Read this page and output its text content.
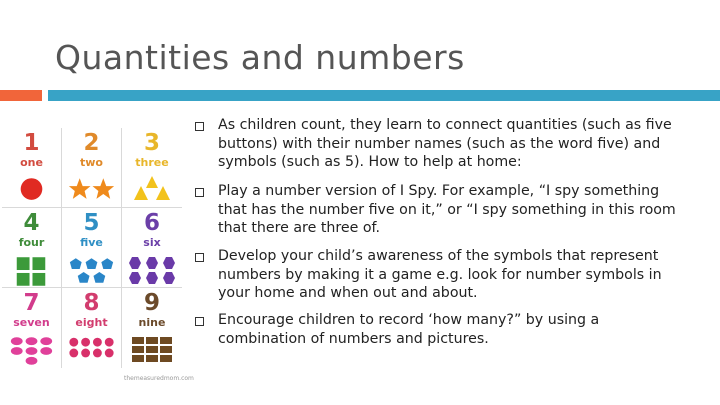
Quantities and numbers
1
one
2
two
3
three
4
four
5
five
6
six
7
seven
8
eight
9
nine
themeasuredmom.com
As children count, they learn to connect quantities (such as five buttons) with their number names (such as the word five) and symbols (such as 5). How to help at home:
Play a number version of I Spy. For example, “I spy something that has the number five on it,” or “I spy something in this room that there are three of.
Develop your child’s awareness of the symbols that represent numbers by making it a game e.g. look for number symbols in your home and when out and about.
Encourage children to record ‘how many?” by using a combination of numbers and pictures.
